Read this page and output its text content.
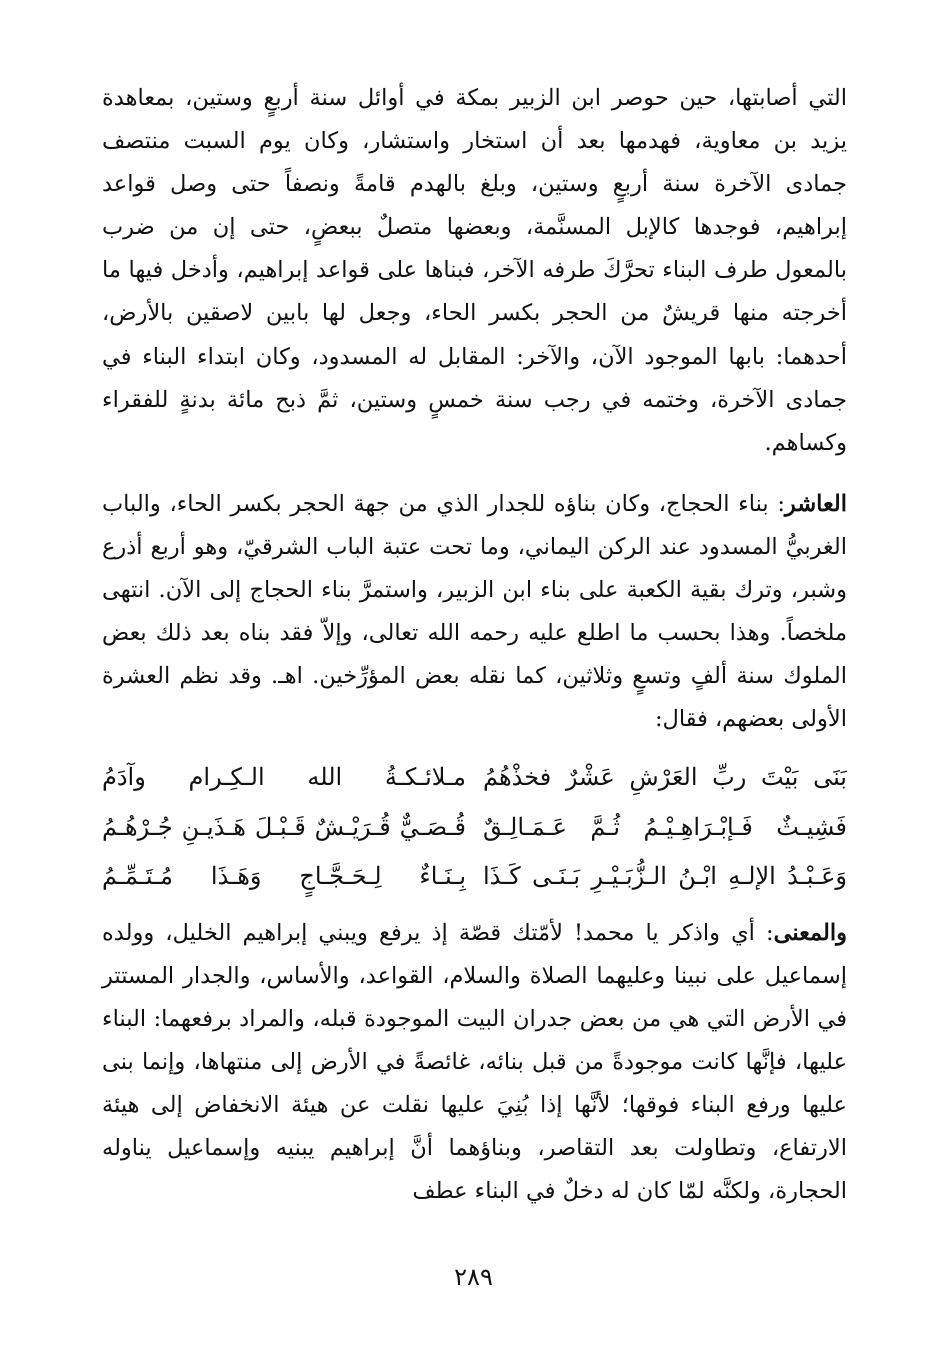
التي أصابتها، حين حوصر ابن الزبير بمكة في أوائل سنة أربعٍ وستين، بمعاهدة يزيد بن معاوية، فهدمها بعد أن استخار واستشار، وكان يوم السبت منتصف جمادى الآخرة سنة أربعٍ وستين، وبلغ بالهدم قامةً ونصفاً حتى وصل قواعد إبراهيم، فوجدها كالإبل المسنَّمة، وبعضها متصلٌ ببعضٍ، حتى إن من ضرب بالمعول طرف البناء تحرَّكَ طرفه الآخر، فبناها على قواعد إبراهيم، وأدخل فيها ما أخرجته منها قريشٌ من الحجر بكسر الحاء، وجعل لها بابين لاصقين بالأرض، أحدهما: بابها الموجود الآن، والآخر: المقابل له المسدود، وكان ابتداء البناء في جمادى الآخرة، وختمه في رجب سنة خمسٍ وستين، ثمَّ ذبح مائة بدنةٍ للفقراء وكساهم.

العاشر: بناء الحجاج، وكان بناؤه للجدار الذي من جهة الحجر بكسر الحاء، والباب الغربيُّ المسدود عند الركن اليماني، وما تحت عتبة الباب الشرقيّ، وهو أربع أذرع وشبر، وترك بقية الكعبة على بناء ابن الزبير، واستمرَّ بناء الحجاج إلى الآن. انتهى ملخصاً. وهذا بحسب ما اطلع عليه رحمه الله تعالى، وإلاّ فقد بناه بعد ذلك بعض الملوك سنة ألفٍ وتسعٍ وثلاثين، كما نقله بعض المؤرِّخين. اهـ. وقد نظم العشرة الأولى بعضهم، فقال:

بَنَى بَيْتَ ربِّ العَرْشِ عَشْرٌ فخذْهُمُ
مـلائـكـةُ الله الـكِـرام وآدَمُ
فَشِيـثٌ فَـإبْـرَاهِـيْـمُ ثُـمَّ عَـمَـالِـقٌ
قُـصَـيٌّ قُـرَيْـشٌ قَـبْـلَ هَـذَيـنِ جُـرْهُـمُ
وَعَـبْـدُ الإلـهِ ابْـنُ الـزُّبَـيْـرِ بَـنَـى كَـذَا
بِـنَـاءٌ لِـحَـجَّـاجٍ وَهَـذَا مُـتَـمِّـمُ

والمعنى: أي واذكر يا محمد! لأمّتك قصّة إذ يرفع ويبني إبراهيم الخليل، وولده إسماعيل على نبينا وعليهما الصلاة والسلام، القواعد، والأساس، والجدار المستتر في الأرض التي هي من بعض جدران البيت الموجودة قبله، والمراد برفعهما: البناء عليها، فإنَّها كانت موجودةً من قبل بنائه، غائصةً في الأرض إلى منتهاها، وإنما بنى عليها ورفع البناء فوقها؛ لأنَّها إذا بُنِيَ عليها نقلت عن هيئة الانخفاض إلى هيئة الارتفاع، وتطاولت بعد التقاصر، وبناؤهما أنَّ إبراهيم يبنيه وإسماعيل يناوله الحجارة، ولكنَّه لمّا كان له دخلٌ في البناء عطف

٢٨٩
